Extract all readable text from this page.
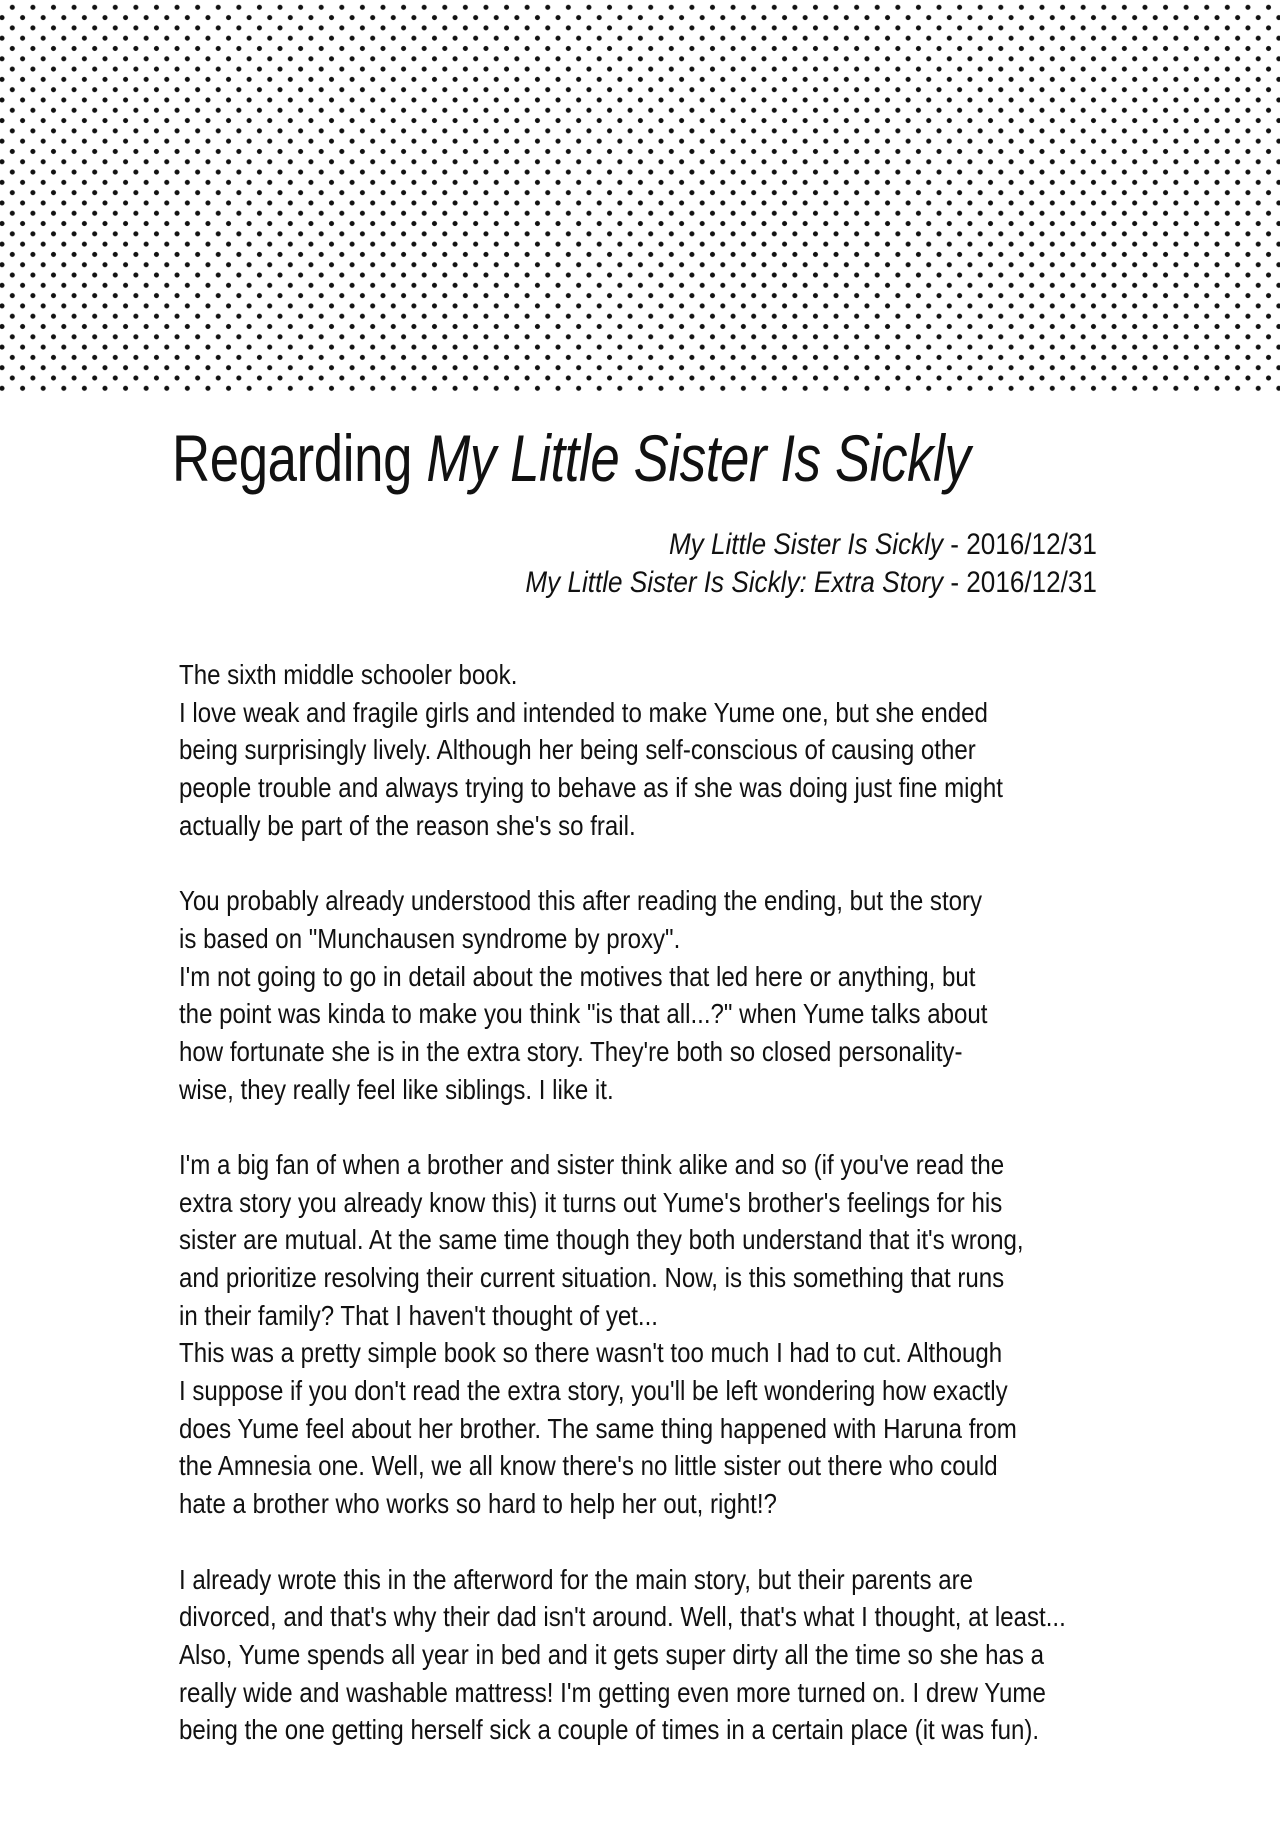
Regarding My Little Sister Is Sickly
My Little Sister Is Sickly - 2016/12/31
My Little Sister Is Sickly: Extra Story - 2016/12/31
The sixth middle schooler book.
I love weak and fragile girls and intended to make Yume one, but she ended
being surprisingly lively. Although her being self-conscious of causing other
people trouble and always trying to behave as if she was doing just fine might
actually be part of the reason she's so frail.
You probably already understood this after reading the ending, but the story
is based on "Munchausen syndrome by proxy".
I'm not going to go in detail about the motives that led here or anything, but
the point was kinda to make you think "is that all...?" when Yume talks about
how fortunate she is in the extra story. They're both so closed personality-
wise, they really feel like siblings. I like it.
I'm a big fan of when a brother and sister think alike and so (if you've read the
extra story you already know this) it turns out Yume's brother's feelings for his
sister are mutual. At the same time though they both understand that it's wrong,
and prioritize resolving their current situation. Now, is this something that runs
in their family? That I haven't thought of yet...
This was a pretty simple book so there wasn't too much I had to cut. Although
I suppose if you don't read the extra story, you'll be left wondering how exactly
does Yume feel about her brother. The same thing happened with Haruna from
the Amnesia one. Well, we all know there's no little sister out there who could
hate a brother who works so hard to help her out, right!?
I already wrote this in the afterword for the main story, but their parents are
divorced, and that's why their dad isn't around. Well, that's what I thought, at least...
Also, Yume spends all year in bed and it gets super dirty all the time so she has a
really wide and washable mattress! I'm getting even more turned on. I drew Yume
being the one getting herself sick a couple of times in a certain place (it was fun).
